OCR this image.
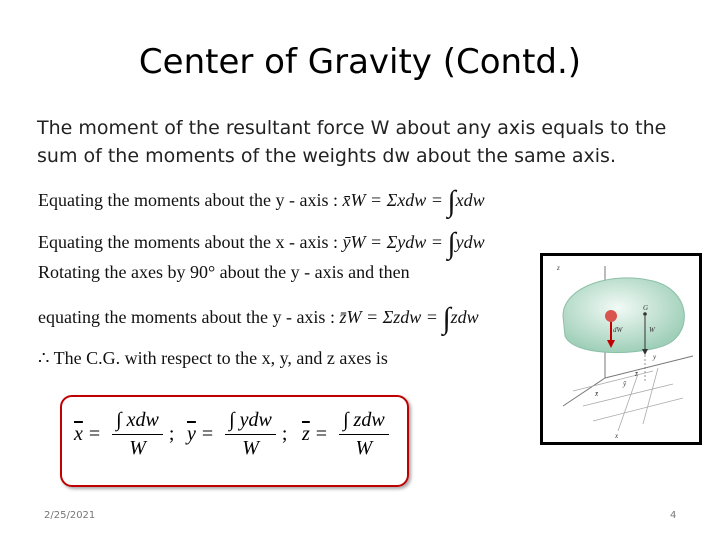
Center of Gravity (Contd.)
The moment of the resultant force W about any axis equals to the sum of the moments of the weights dw about the same axis.
Equating the moments about the y - axis : x̄W = Σxdw = ∫xdw
Equating the moments about the x - axis : ȳW = Σydw = ∫ydw
Rotating the axes by 90° about the y - axis and then
equating the moments about the y - axis : z̄W = Σzdw = ∫zdw
∴ The C.G. with respect to the x, y, and z axes is
$\overline{x} = \frac{\text{∫ xdw}}{W}$ ; $\overline{y} = \frac{\text{∫ ydw}}{W}$ ; $\overline{z} = \frac{\text{∫ zdw}}{W}$
z
G
dW	W
x
y
x̄
ȳ
z̄
2/25/2021	4
